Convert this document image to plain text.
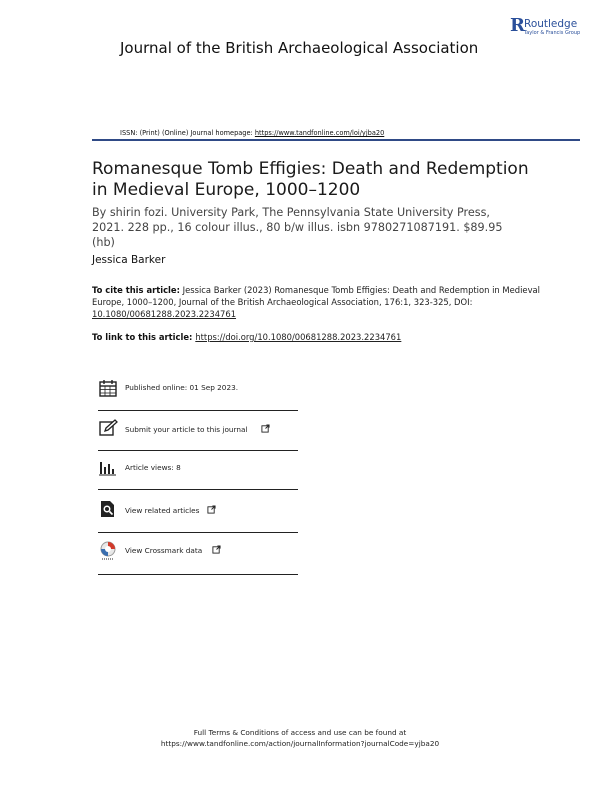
Journal of the British Archaeological Association
R Routledge
Taylor & Francis Group
ISSN: (Print) (Online) Journal homepage: https://www.tandfonline.com/loi/yjba20
Romanesque Tomb Effigies: Death and Redemption in Medieval Europe, 1000–1200
By shirin fozi. University Park, The Pennsylvania State University Press, 2021. 228 pp., 16 colour illus., 80 b/w illus. isbn 9780271087191. $89.95 (hb)
Jessica Barker
To cite this article: Jessica Barker (2023) Romanesque Tomb Effigies: Death and Redemption in Medieval Europe, 1000–1200, Journal of the British Archaeological Association, 176:1, 323-325, DOI: 10.1080/00681288.2023.2234761
To link to this article: https://doi.org/10.1080/00681288.2023.2234761
Published online: 01 Sep 2023.
Submit your article to this journal
Article views: 8
View related articles
View Crossmark data
Full Terms & Conditions of access and use can be found at
https://www.tandfonline.com/action/journalInformation?journalCode=yjba20
